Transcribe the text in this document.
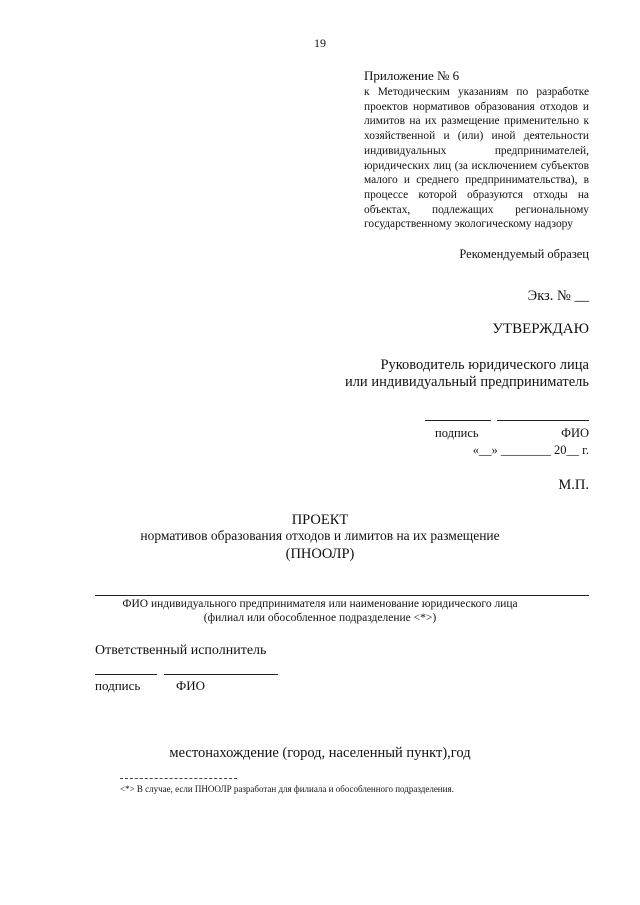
19
Приложение № 6
к Методическим указаниям по разработке проектов нормативов образования отходов и лимитов на их размещение применительно к хозяйственной и (или) иной деятельности индивидуальных предпринимателей, юридических лиц (за исключением субъектов малого и среднего предпринимательства), в процессе которой образуются отходы на объектах, подлежащих региональному государственному экологическому надзору
Рекомендуемый образец
Экз. № __
УТВЕРЖДАЮ
Руководитель юридического лица
или индивидуальный предприниматель
подпись	ФИО
«__» ________ 20__ г.
М.П.
ПРОЕКТ
нормативов образования отходов и лимитов на их размещение
(ПНООЛР)
ФИО индивидуального предпринимателя или наименование юридического лица
(филиал или обособленное подразделение <*>)
Ответственный исполнитель
подпись	ФИО
местонахождение (город, населенный пункт),год
<*> В случае, если ПНООЛР разработан для филиала и обособленного подразделения.
